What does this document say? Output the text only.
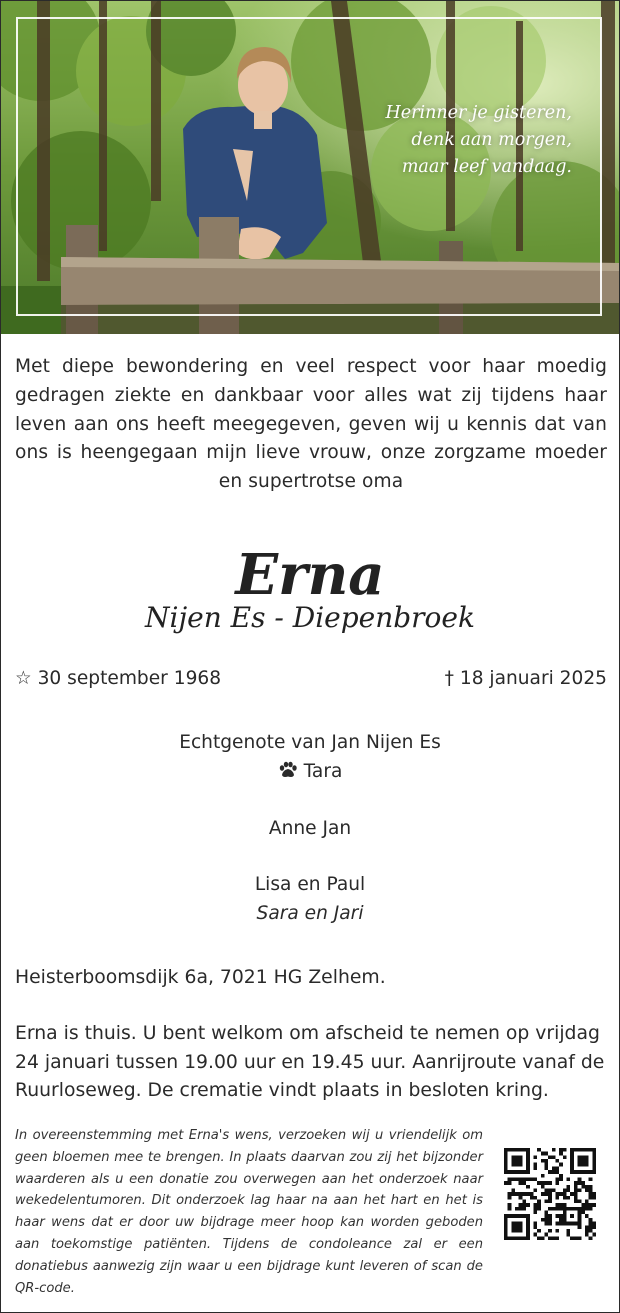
Herinner je gisteren,
denk aan morgen,
maar leef vandaag.
Met diepe bewondering en veel respect voor haar moedig gedragen ziekte en dankbaar voor alles wat zij tijdens haar leven aan ons heeft meegegeven, geven wij u kennis dat van ons is heengegaan mijn lieve vrouw, onze zorgzame moeder en supertrotse oma
Erna
Nijen Es - Diepenbroek
☆ 30 september 1968	† 18 januari 2025
Echtgenote van Jan Nijen Es
Tara
Anne Jan
Lisa en Paul
Sara en Jari
Heisterboomsdijk 6a, 7021 HG Zelhem.
Erna is thuis. U bent welkom om afscheid te nemen op vrijdag 24 januari tussen 19.00 uur en 19.45 uur. Aanrijroute vanaf de Ruurloseweg. De crematie vindt plaats in besloten kring.
In overeenstemming met Erna's wens, verzoeken wij u vriendelijk om geen bloemen mee te brengen. In plaats daarvan zou zij het bijzonder waarderen als u een donatie zou overwegen aan het onderzoek naar wekedelentumoren. Dit onderzoek lag haar na aan het hart en het is haar wens dat er door uw bijdrage meer hoop kan worden geboden aan toekomstige patiënten. Tijdens de condoleance zal er een donatiebus aanwezig zijn waar u een bijdrage kunt leveren of scan de QR-code.
